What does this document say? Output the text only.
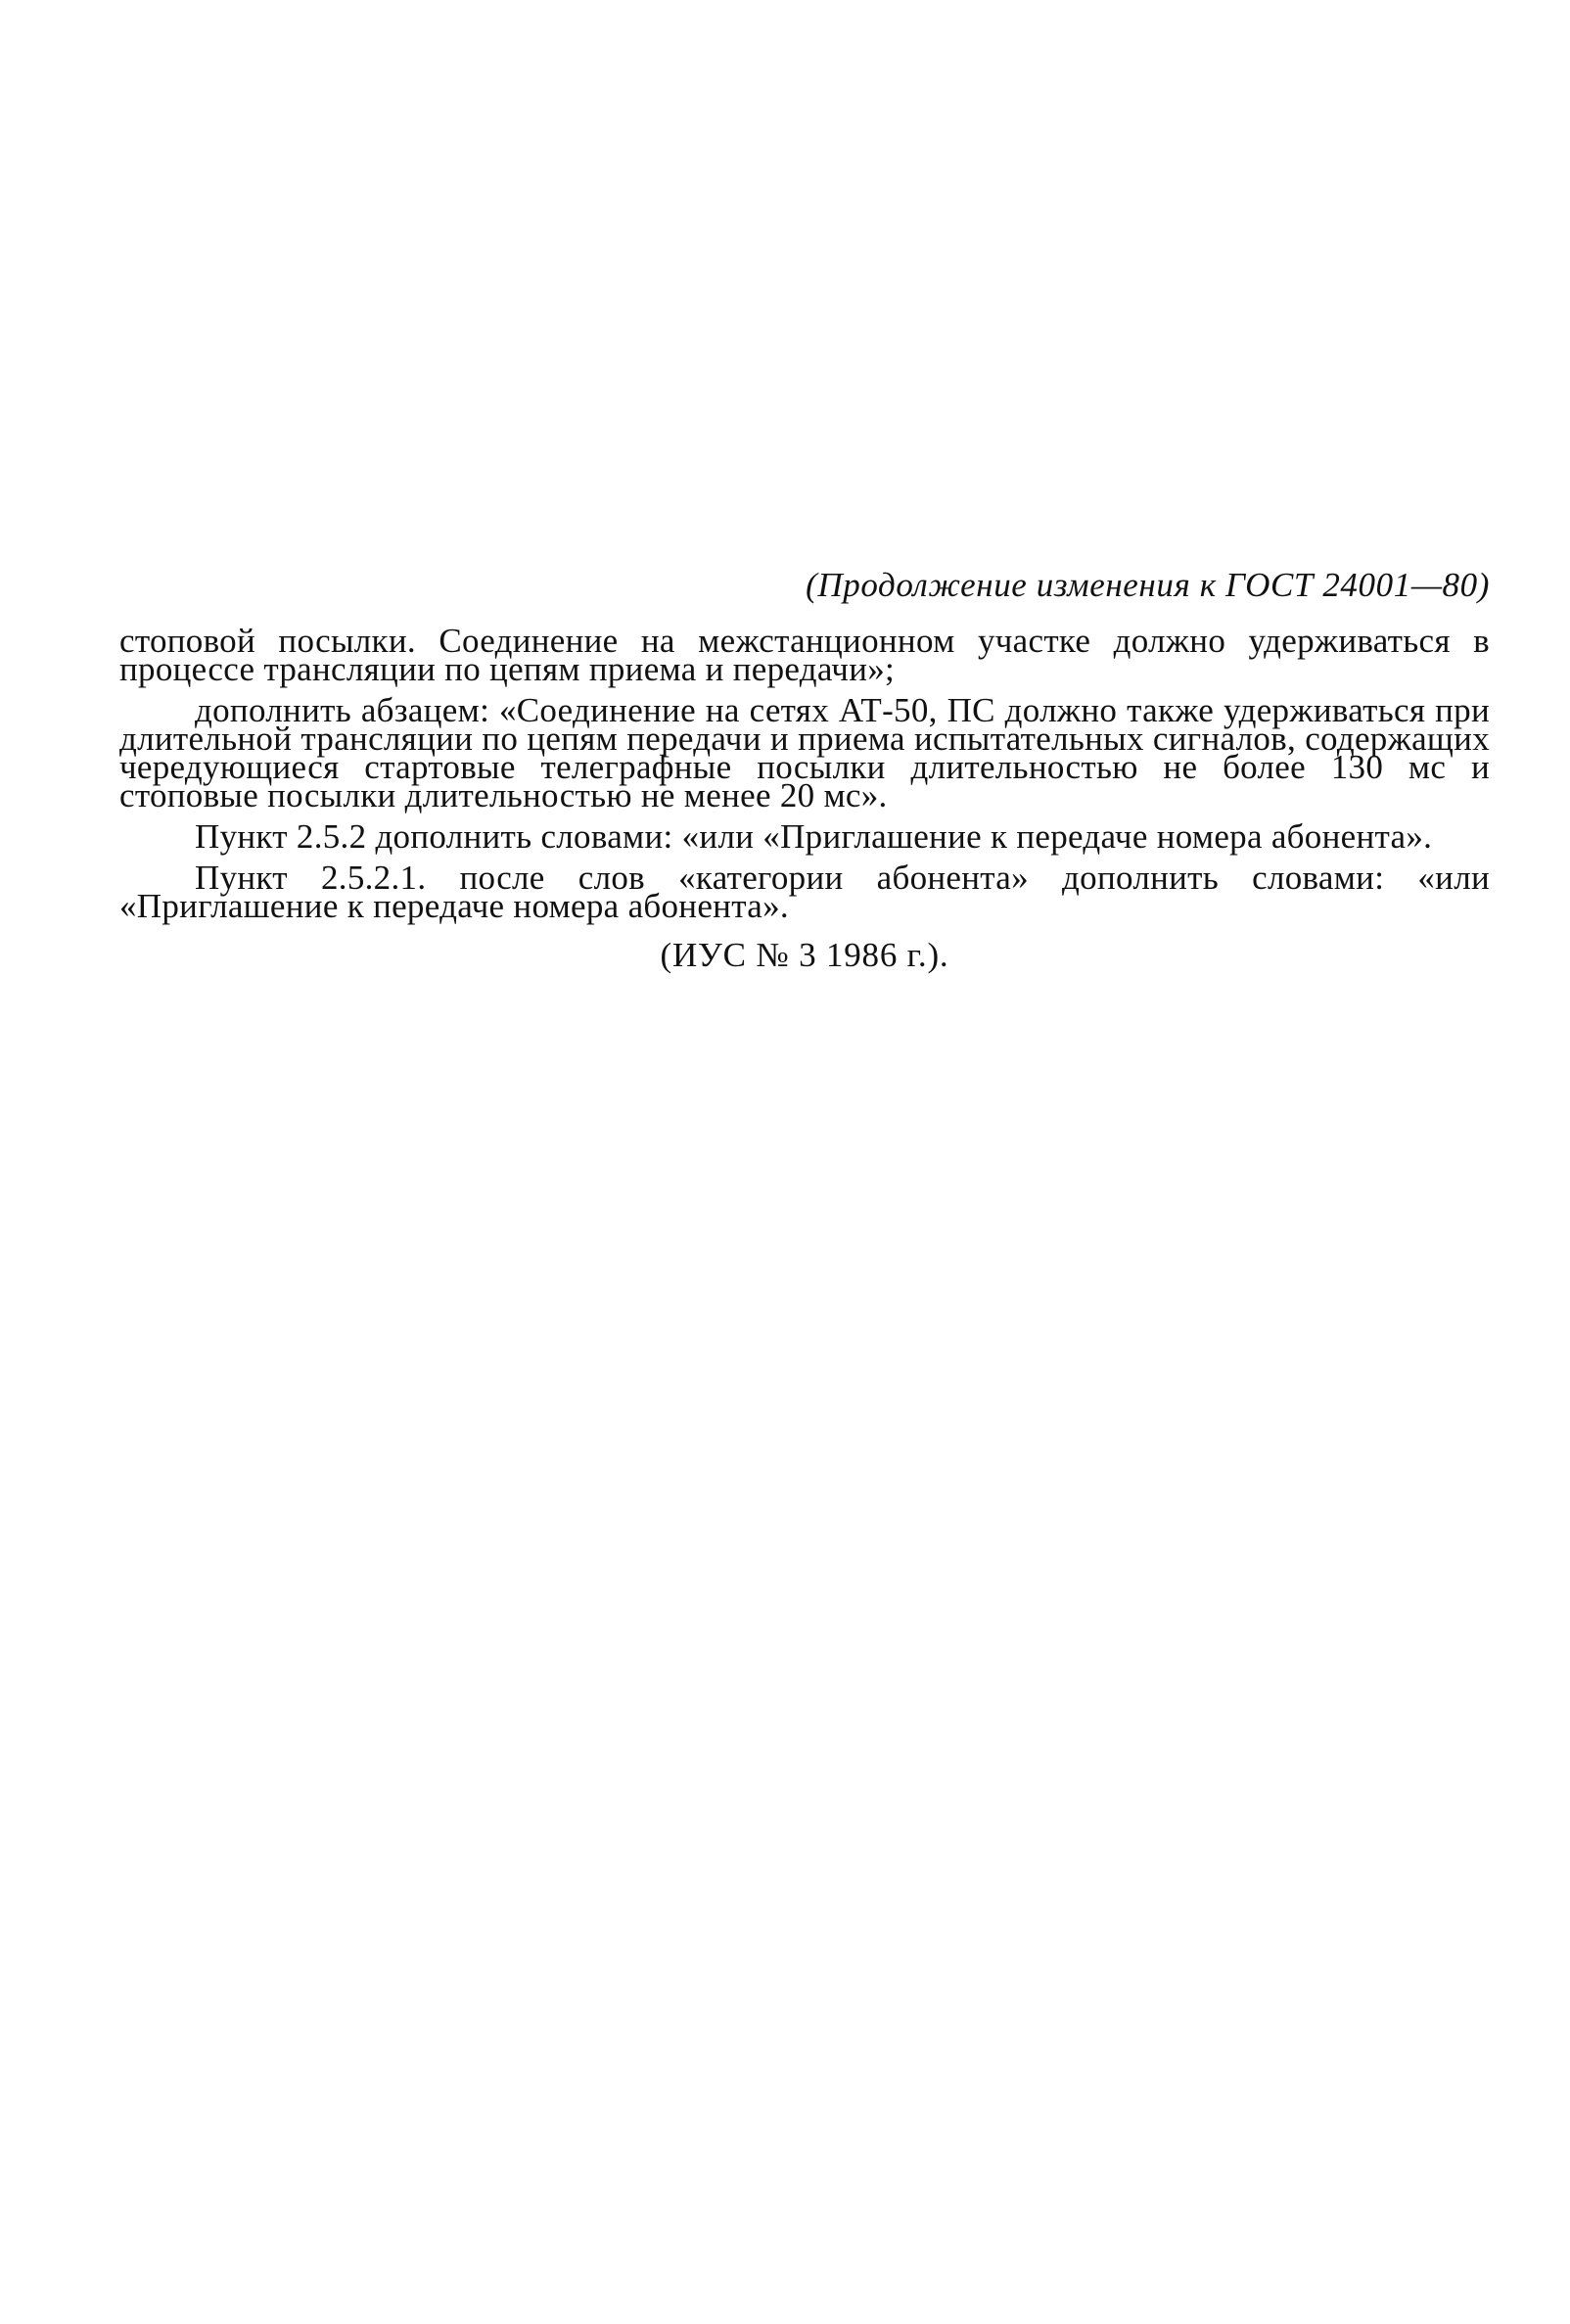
(Продолжение изменения к ГОСТ 24001—80)

стоповой посылки. Соединение на межстанционном участке должно удерживаться в процессе трансляции по цепям приема и передачи»;

дополнить абзацем: «Соединение на сетях АТ-50, ПС должно также удерживаться при длительной трансляции по цепям передачи и приема испытательных сигналов, содержащих чередующиеся стартовые телеграфные посылки длительностью не более 130 мс и стоповые посылки длительностью не менее 20 мс».

Пункт 2.5.2 дополнить словами: «или «Приглашение к передаче номера абонента».

Пункт 2.5.2.1. после слов «категории абонента» дополнить словами: «или «Приглашение к передаче номера абонента».

(ИУС № 3 1986 г.).
